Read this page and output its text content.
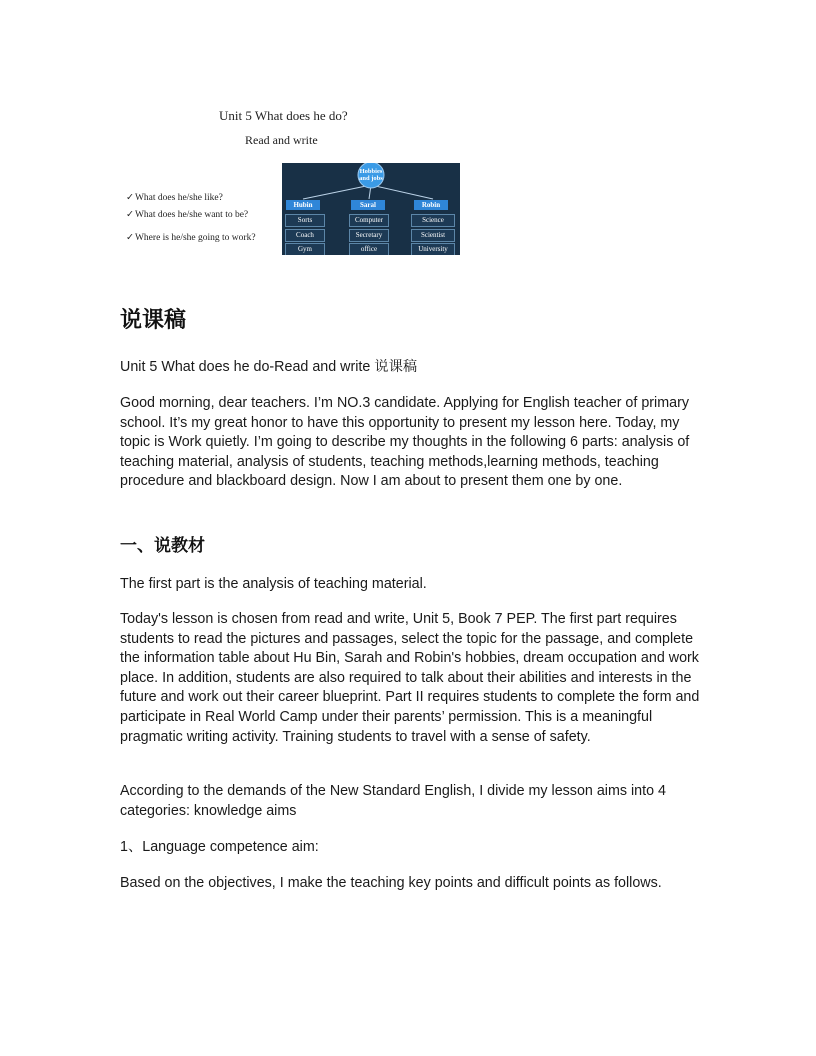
Unit 5 What does he do?
Read and write
✓What does he/she like?
✓What does he/she want to be?
✓Where is he/she going to work?
Hobbies
and jobs
Hubin	Saral	Robin
Sorts
Coach
Gym
Computer
Secretary
office
Science
Scientist
University
说课稿
Unit 5 What does he do-Read and write 说课稿
Good morning, dear teachers. I’m NO.3 candidate. Applying for English teacher of primary school. It’s my great honor to have this opportunity to present my lesson here. Today, my topic is Work quietly. I’m going to describe my thoughts in the following 6 parts: analysis of teaching material, analysis of students, teaching methods,learning methods, teaching procedure and blackboard design. Now I am about to present them one by one.
一、说教材
The first part is the analysis of teaching material.
Today's lesson is chosen from read and write, Unit 5, Book 7 PEP. The first part requires students to read the pictures and passages, select the topic for the passage, and complete the information table about Hu Bin, Sarah and Robin's hobbies, dream occupation and work place. In addition, students are also required to talk about their abilities and interests in the future and work out their career blueprint. Part II requires students to complete the form and participate in Real World Camp under their parents’ permission. This is a meaningful pragmatic writing activity. Training students to travel with a sense of safety.
According to the demands of the New Standard English, I divide my lesson aims into 4 categories: knowledge aims
1、Language competence aim:
Based on the objectives, I make the teaching key points and difficult points as follows.
